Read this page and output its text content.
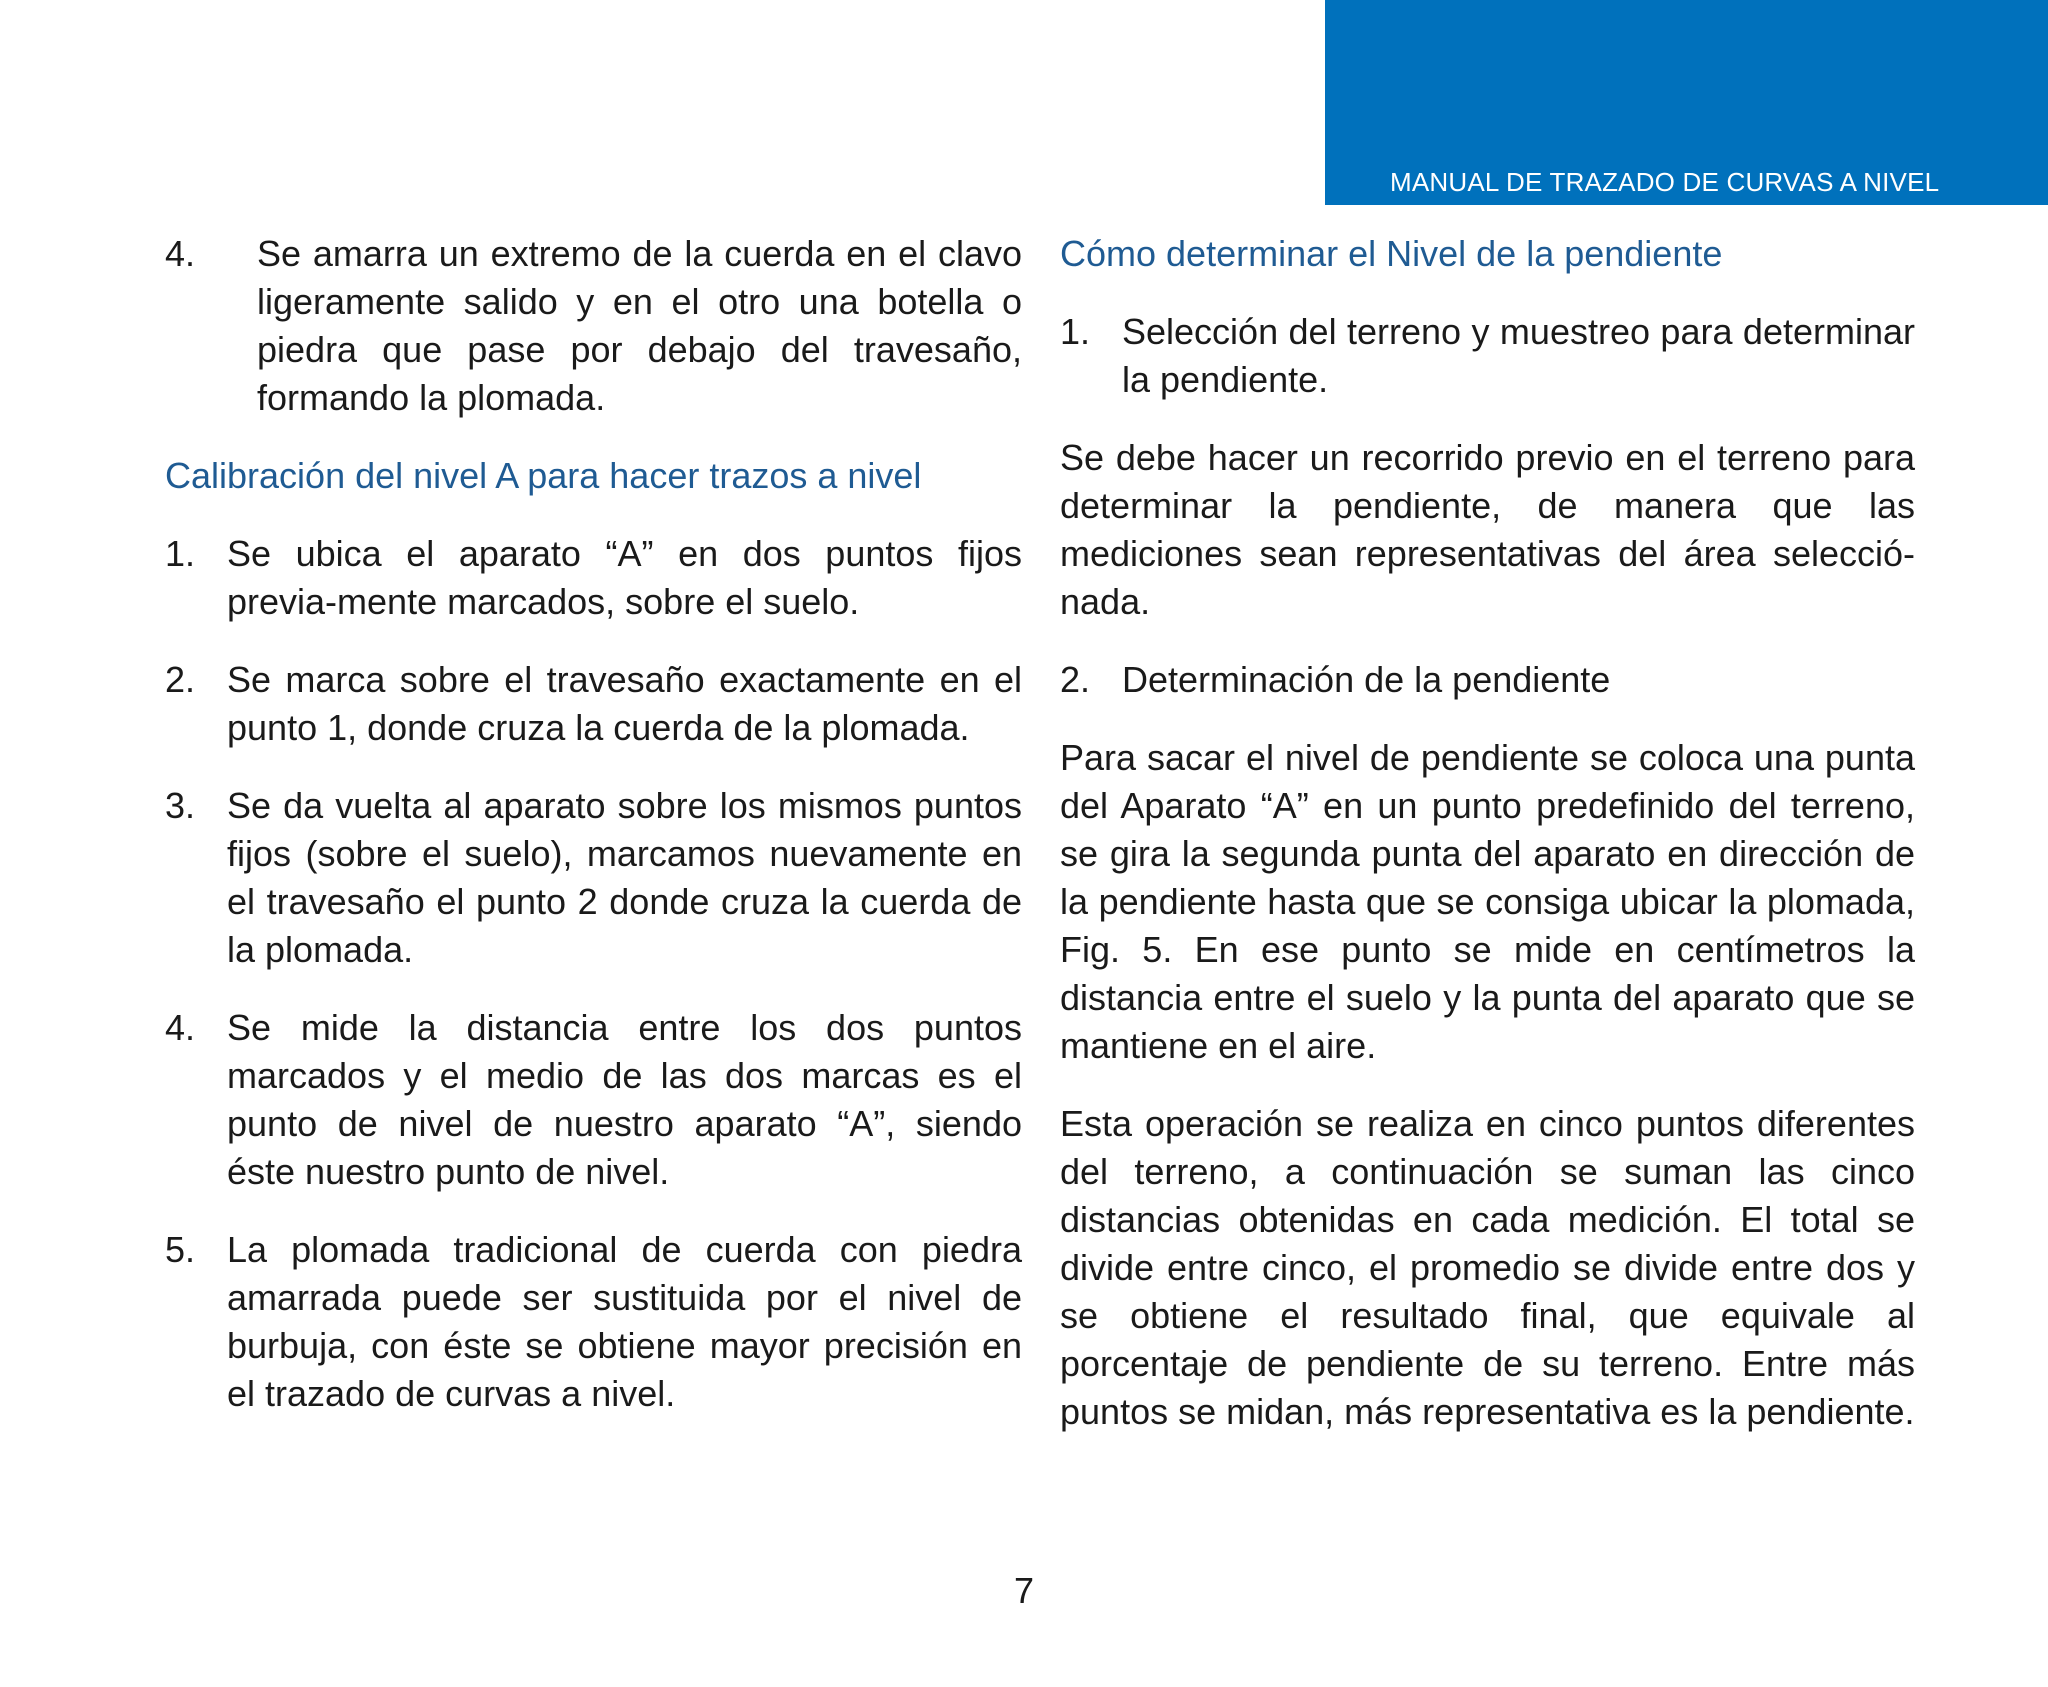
MANUAL DE TRAZADO DE CURVAS A NIVEL
4.	Se amarra un extremo de la cuerda en el clavo ligeramente salido y en el otro una botella o piedra que pase por debajo del travesaño, formando la plomada.
Calibración del nivel A para hacer trazos a nivel
1. Se ubica el aparato “A” en dos puntos fijos previa-mente marcados, sobre el suelo.
2. Se marca sobre el travesaño exactamente en el punto 1, donde cruza la cuerda de la plomada.
3. Se da vuelta al aparato sobre los mismos puntos fijos (sobre el suelo), marcamos nuevamente en el travesaño el punto 2 donde cruza la cuerda de la plomada.
4. Se mide la distancia entre los dos puntos marcados y el medio de las dos marcas es el punto de nivel de nuestro aparato “A”, siendo éste nuestro punto de nivel.
5. La plomada tradicional de cuerda con piedra amarrada puede ser sustituida por el nivel de burbuja, con éste se obtiene mayor precisión en el trazado de curvas a nivel.
Cómo determinar el Nivel de la pendiente
1. Selección del terreno y muestreo para determinar la pendiente.
Se debe hacer un recorrido previo en el terreno para determinar la pendiente, de manera que las mediciones sean representativas del área selecció-nada.
2. Determinación de la pendiente
Para sacar el nivel de pendiente se coloca una punta del Aparato “A” en un punto predefinido del terreno, se gira la segunda punta del aparato en dirección de la pendiente hasta que se consiga ubicar la plomada, Fig. 5. En ese punto se mide en centímetros la distancia entre el suelo y la punta del aparato que se mantiene en el aire.
Esta operación se realiza en cinco puntos diferentes del terreno, a continuación se suman las cinco distancias obtenidas en cada medición. El total se divide entre cinco, el promedio se divide entre dos y se obtiene el resultado final, que equivale al porcentaje de pendiente de su terreno. Entre más puntos se midan, más representativa es la pendiente.
7
